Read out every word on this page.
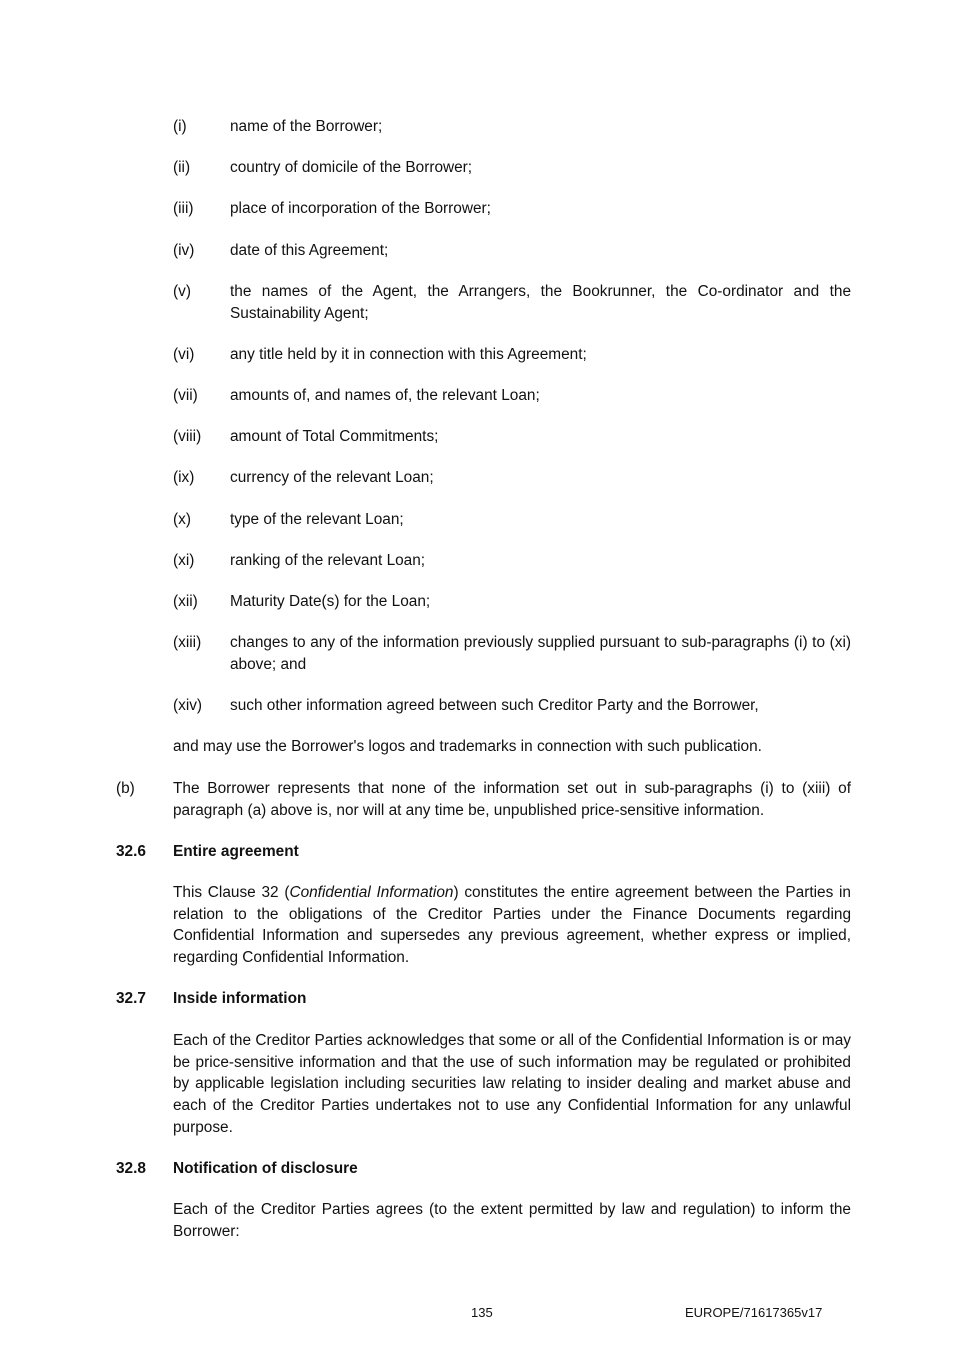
(i)	name of the Borrower;
(ii)	country of domicile of the Borrower;
(iii) place of incorporation of the Borrower;
(iv) date of this Agreement;
(v)	the names of the Agent, the Arrangers, the Bookrunner, the Co-ordinator and the Sustainability Agent;
(vi) any title held by it in connection with this Agreement;
(vii) amounts of, and names of, the relevant Loan;
(viii) amount of Total Commitments;
(ix) currency of the relevant Loan;
(x)	type of the relevant Loan;
(xi) ranking of the relevant Loan;
(xii) Maturity Date(s) for the Loan;
(xiii) changes to any of the information previously supplied pursuant to sub-paragraphs (i) to (xi) above; and
(xiv) such other information agreed between such Creditor Party and the Borrower,
and may use the Borrower's logos and trademarks in connection with such publication.
(b) The Borrower represents that none of the information set out in sub-paragraphs (i) to (xiii) of paragraph (a) above is, nor will at any time be, unpublished price-sensitive information.
32.6 Entire agreement
This Clause 32 (Confidential Information) constitutes the entire agreement between the Parties in relation to the obligations of the Creditor Parties under the Finance Documents regarding Confidential Information and supersedes any previous agreement, whether express or implied, regarding Confidential Information.
32.7 Inside information
Each of the Creditor Parties acknowledges that some or all of the Confidential Information is or may be price-sensitive information and that the use of such information may be regulated or prohibited by applicable legislation including securities law relating to insider dealing and market abuse and each of the Creditor Parties undertakes not to use any Confidential Information for any unlawful purpose.
32.8 Notification of disclosure
Each of the Creditor Parties agrees (to the extent permitted by law and regulation) to inform the Borrower:
135	EUROPE/71617365v17
